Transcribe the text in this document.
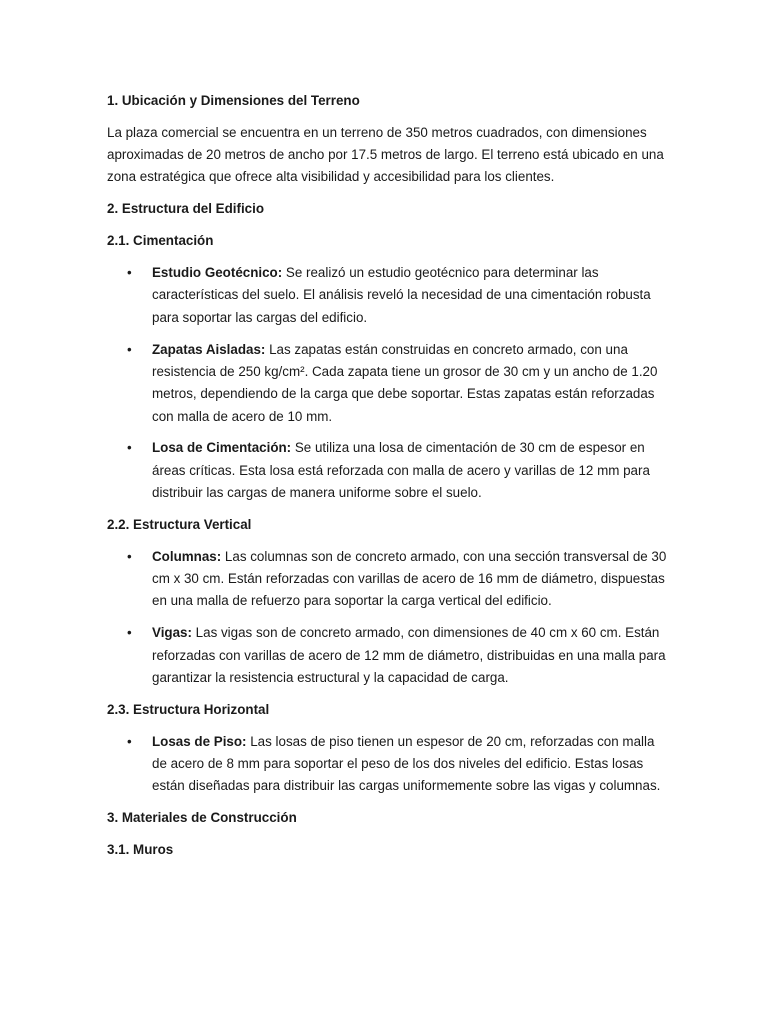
1. Ubicación y Dimensiones del Terreno

La plaza comercial se encuentra en un terreno de 350 metros cuadrados, con dimensiones aproximadas de 20 metros de ancho por 17.5 metros de largo. El terreno está ubicado en una zona estratégica que ofrece alta visibilidad y accesibilidad para los clientes.

2. Estructura del Edificio
2.1. Cimentación
• Estudio Geotécnico: Se realizó un estudio geotécnico para determinar las características del suelo. El análisis reveló la necesidad de una cimentación robusta para soportar las cargas del edificio.
• Zapatas Aisladas: Las zapatas están construidas en concreto armado, con una resistencia de 250 kg/cm². Cada zapata tiene un grosor de 30 cm y un ancho de 1.20 metros, dependiendo de la carga que debe soportar. Estas zapatas están reforzadas con malla de acero de 10 mm.
• Losa de Cimentación: Se utiliza una losa de cimentación de 30 cm de espesor en áreas críticas. Esta losa está reforzada con malla de acero y varillas de 12 mm para distribuir las cargas de manera uniforme sobre el suelo.
2.2. Estructura Vertical
• Columnas: Las columnas son de concreto armado, con una sección transversal de 30 cm x 30 cm. Están reforzadas con varillas de acero de 16 mm de diámetro, dispuestas en una malla de refuerzo para soportar la carga vertical del edificio.
• Vigas: Las vigas son de concreto armado, con dimensiones de 40 cm x 60 cm. Están reforzadas con varillas de acero de 12 mm de diámetro, distribuidas en una malla para garantizar la resistencia estructural y la capacidad de carga.
2.3. Estructura Horizontal
• Losas de Piso: Las losas de piso tienen un espesor de 20 cm, reforzadas con malla de acero de 8 mm para soportar el peso de los dos niveles del edificio. Estas losas están diseñadas para distribuir las cargas uniformemente sobre las vigas y columnas.
3. Materiales de Construcción
3.1. Muros
